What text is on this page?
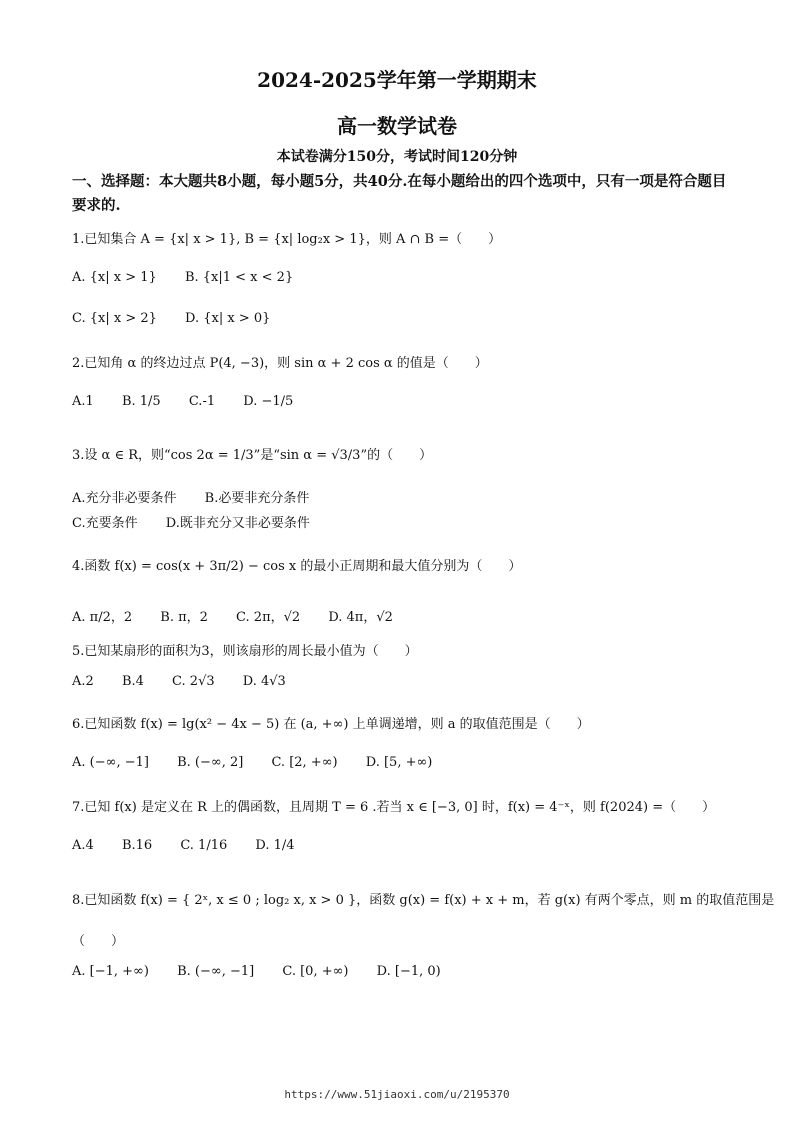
2024-2025学年第一学期期末
高一数学试卷
本试卷满分150分，考试时间120分钟
一、选择题：本大题共8小题，每小题5分，共40分.在每小题给出的四个选项中，只有一项是符合题目要求的.
1.已知集合 A = {x| x > 1}, B = {x| log₂x > 1}，则 A ∩ B =（　　）
A. {x| x > 1} B. {x|1 < x < 2}
C. {x| x > 2} D. {x| x > 0}
2.已知角 α 的终边过点 P(4, −3)，则 sin α + 2 cos α 的值是（　　）
A.1 B. 1/5 C.-1 D. −1/5
3.设 α ∈ R，则“cos 2α = 1/3”是“sin α = √3/3”的（　　）
A.充分非必要条件 B.必要非充分条件
C.充要条件 D.既非充分又非必要条件
4.函数 f(x) = cos(x + 3π/2) − cos x 的最小正周期和最大值分别为（　　）
A. π/2，2 B. π，2 C. 2π，√2 D. 4π，√2
5.已知某扇形的面积为3，则该扇形的周长最小值为（　　）
A.2 B.4 C. 2√3 D. 4√3
6.已知函数 f(x) = lg(x² − 4x − 5) 在 (a, +∞) 上单调递增，则 a 的取值范围是（　　）
A. (−∞, −1] B. (−∞, 2] C. [2, +∞) D. [5, +∞)
7.已知 f(x) 是定义在 R 上的偶函数，且周期 T = 6 .若当 x ∈ [−3, 0] 时，f(x) = 4⁻ˣ，则 f(2024) =（　　）
A.4 B.16 C. 1/16 D. 1/4
8.已知函数 f(x) = { 2ˣ, x ≤ 0 ; log₂ x, x > 0 }，函数 g(x) = f(x) + x + m，若 g(x) 有两个零点，则 m 的取值范围是
（　　）
A. [−1, +∞) B. (−∞, −1] C. [0, +∞) D. [−1, 0)
https://www.51jiaoxi.com/u/2195370
